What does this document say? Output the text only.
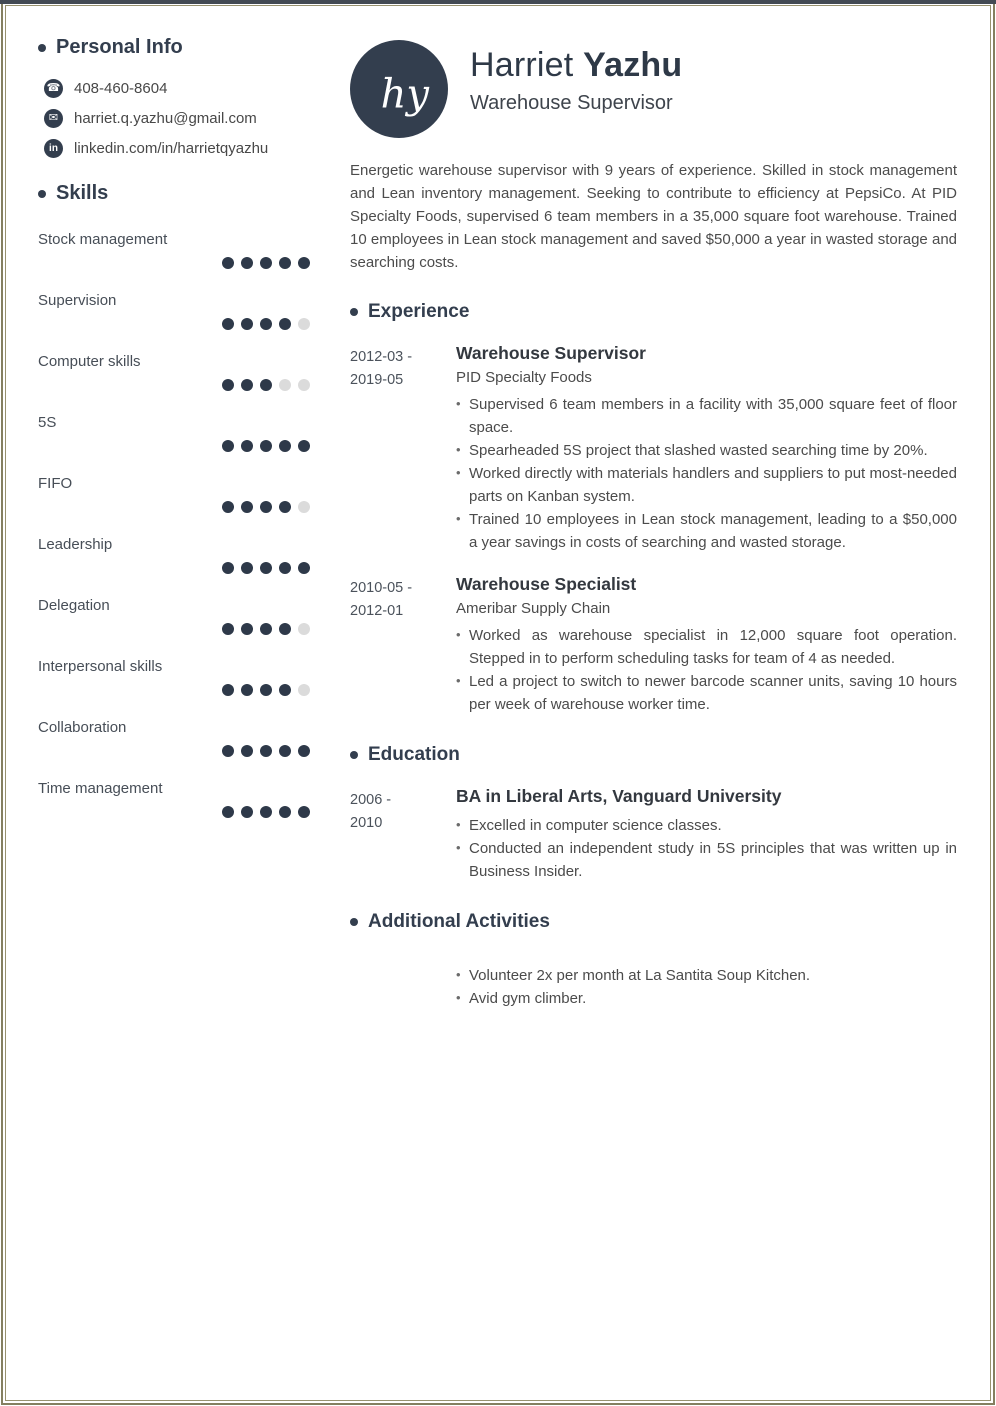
Personal Info
☎ 408-460-8604
✉	harriet.q.yazhu@gmail.com
in	linkedin.com/in/harrietqyazhu
Skills
Stock management
Supervision
Computer skills
5S
FIFO
Leadership
Delegation
Interpersonal skills
Collaboration
Time management
hy
Harriet Yazhu
Warehouse Supervisor

Energetic warehouse supervisor with 9 years of experience. Skilled in stock management and Lean inventory management. Seeking to contribute to efficiency at PepsiCo. At PID Specialty Foods, supervised 6 team members in a 35,000 square foot warehouse. Trained 10 employees in Lean stock management and saved $50,000 a year in wasted storage and searching costs.

Experience
2012-03 -
2019-05
Warehouse Supervisor
PID Specialty Foods
• Supervised 6 team members in a facility with 35,000 square feet of floor space.
• Spearheaded 5S project that slashed wasted searching time by 20%.
• Worked directly with materials handlers and suppliers to put most-needed parts on Kanban system.
• Trained 10 employees in Lean stock management, leading to a $50,000 a year savings in costs of searching and wasted storage.
2010-05 -
2012-01
Warehouse Specialist
Ameribar Supply Chain
• Worked as warehouse specialist in 12,000 square foot operation. Stepped in to perform scheduling tasks for team of 4 as needed.
• Led a project to switch to newer barcode scanner units, saving 10 hours per week of warehouse worker time.
Education
2006 -
2010
BA in Liberal Arts, Vanguard University
• Excelled in computer science classes.
• Conducted an independent study in 5S principles that was written up in Business Insider.
Additional Activities
• Volunteer 2x per month at La Santita Soup Kitchen.
• Avid gym climber.
